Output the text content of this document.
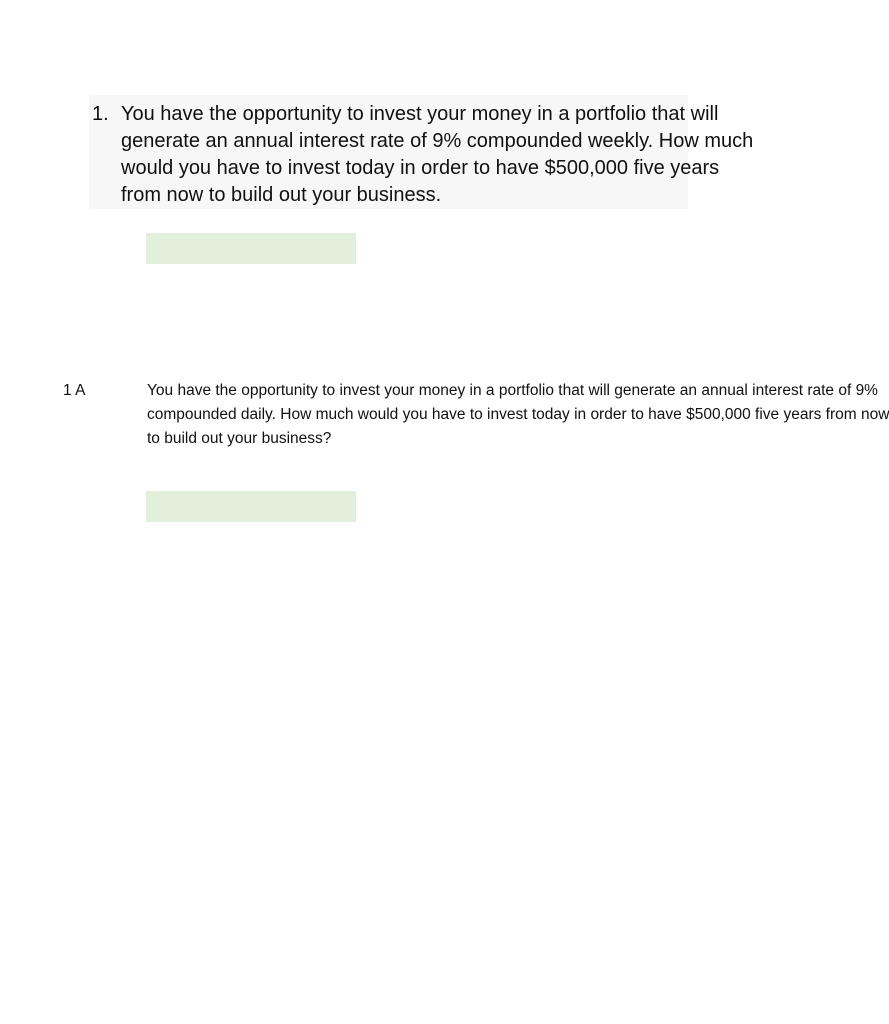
1. You have the opportunity to invest your money in a portfolio that will
generate an annual interest rate of 9% compounded weekly. How much
would you have to invest today in order to have $500,000 five years
from now to build out your business.
1 A	You have the opportunity to invest your money in a portfolio that will generate an annual interest rate of 9%
compounded daily. How much would you have to invest today in order to have $500,000 five years from now
to build out your business?
